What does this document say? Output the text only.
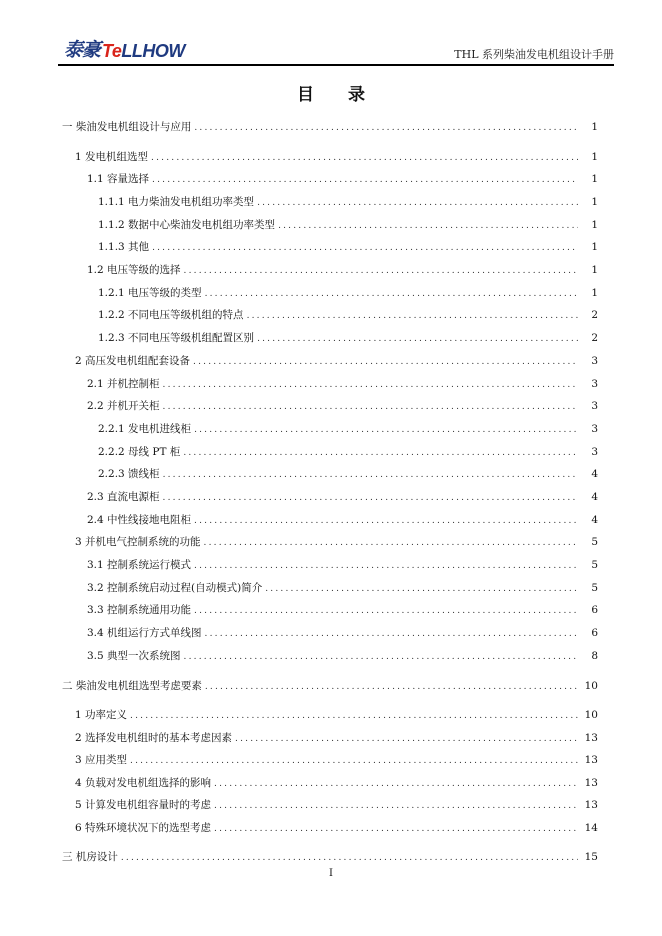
泰豪 TeLLHOW	THL 系列柴油发电机组设计手册
目 录
一 柴油发电机组设计与应用 .....	1
1 发电机组选型 .....	1
1.1 容量选择 .....	1
1.1.1 电力柴油发电机组功率类型 .....	1
1.1.2 数据中心柴油发电机组功率类型 .....	1
1.1.3 其他 .....	1
1.2 电压等级的选择 .....	1
1.2.1 电压等级的类型 .....	1
1.2.2 不同电压等级机组的特点 .....	2
1.2.3 不同电压等级机组配置区别 .....	2
2 高压发电机组配套设备 .....	3
2.1 并机控制柜 .....	3
2.2 并机开关柜 .....	3
2.2.1 发电机进线柜 .....	3
2.2.2 母线 PT 柜 .....	3
2.2.3 馈线柜 .....	4
2.3 直流电源柜 .....	4
2.4 中性线接地电阻柜 .....	4
3 并机电气控制系统的功能 .....	5
3.1 控制系统运行模式 .....	5
3.2 控制系统启动过程(自动模式)简介 .....	5
3.3 控制系统通用功能 .....	6
3.4 机组运行方式单线图 .....	6
3.5 典型一次系统图 .....	8
二 柴油发电机组选型考虑要素 .....	10
1 功率定义 .....	10
2 选择发电机组时的基本考虑因素 .....	13
3 应用类型 .....	13
4 负载对发电机组选择的影响 .....	13
5 计算发电机组容量时的考虑 .....	13
6 特殊环境状况下的选型考虑 .....	14
三 机房设计 .....	15
I
